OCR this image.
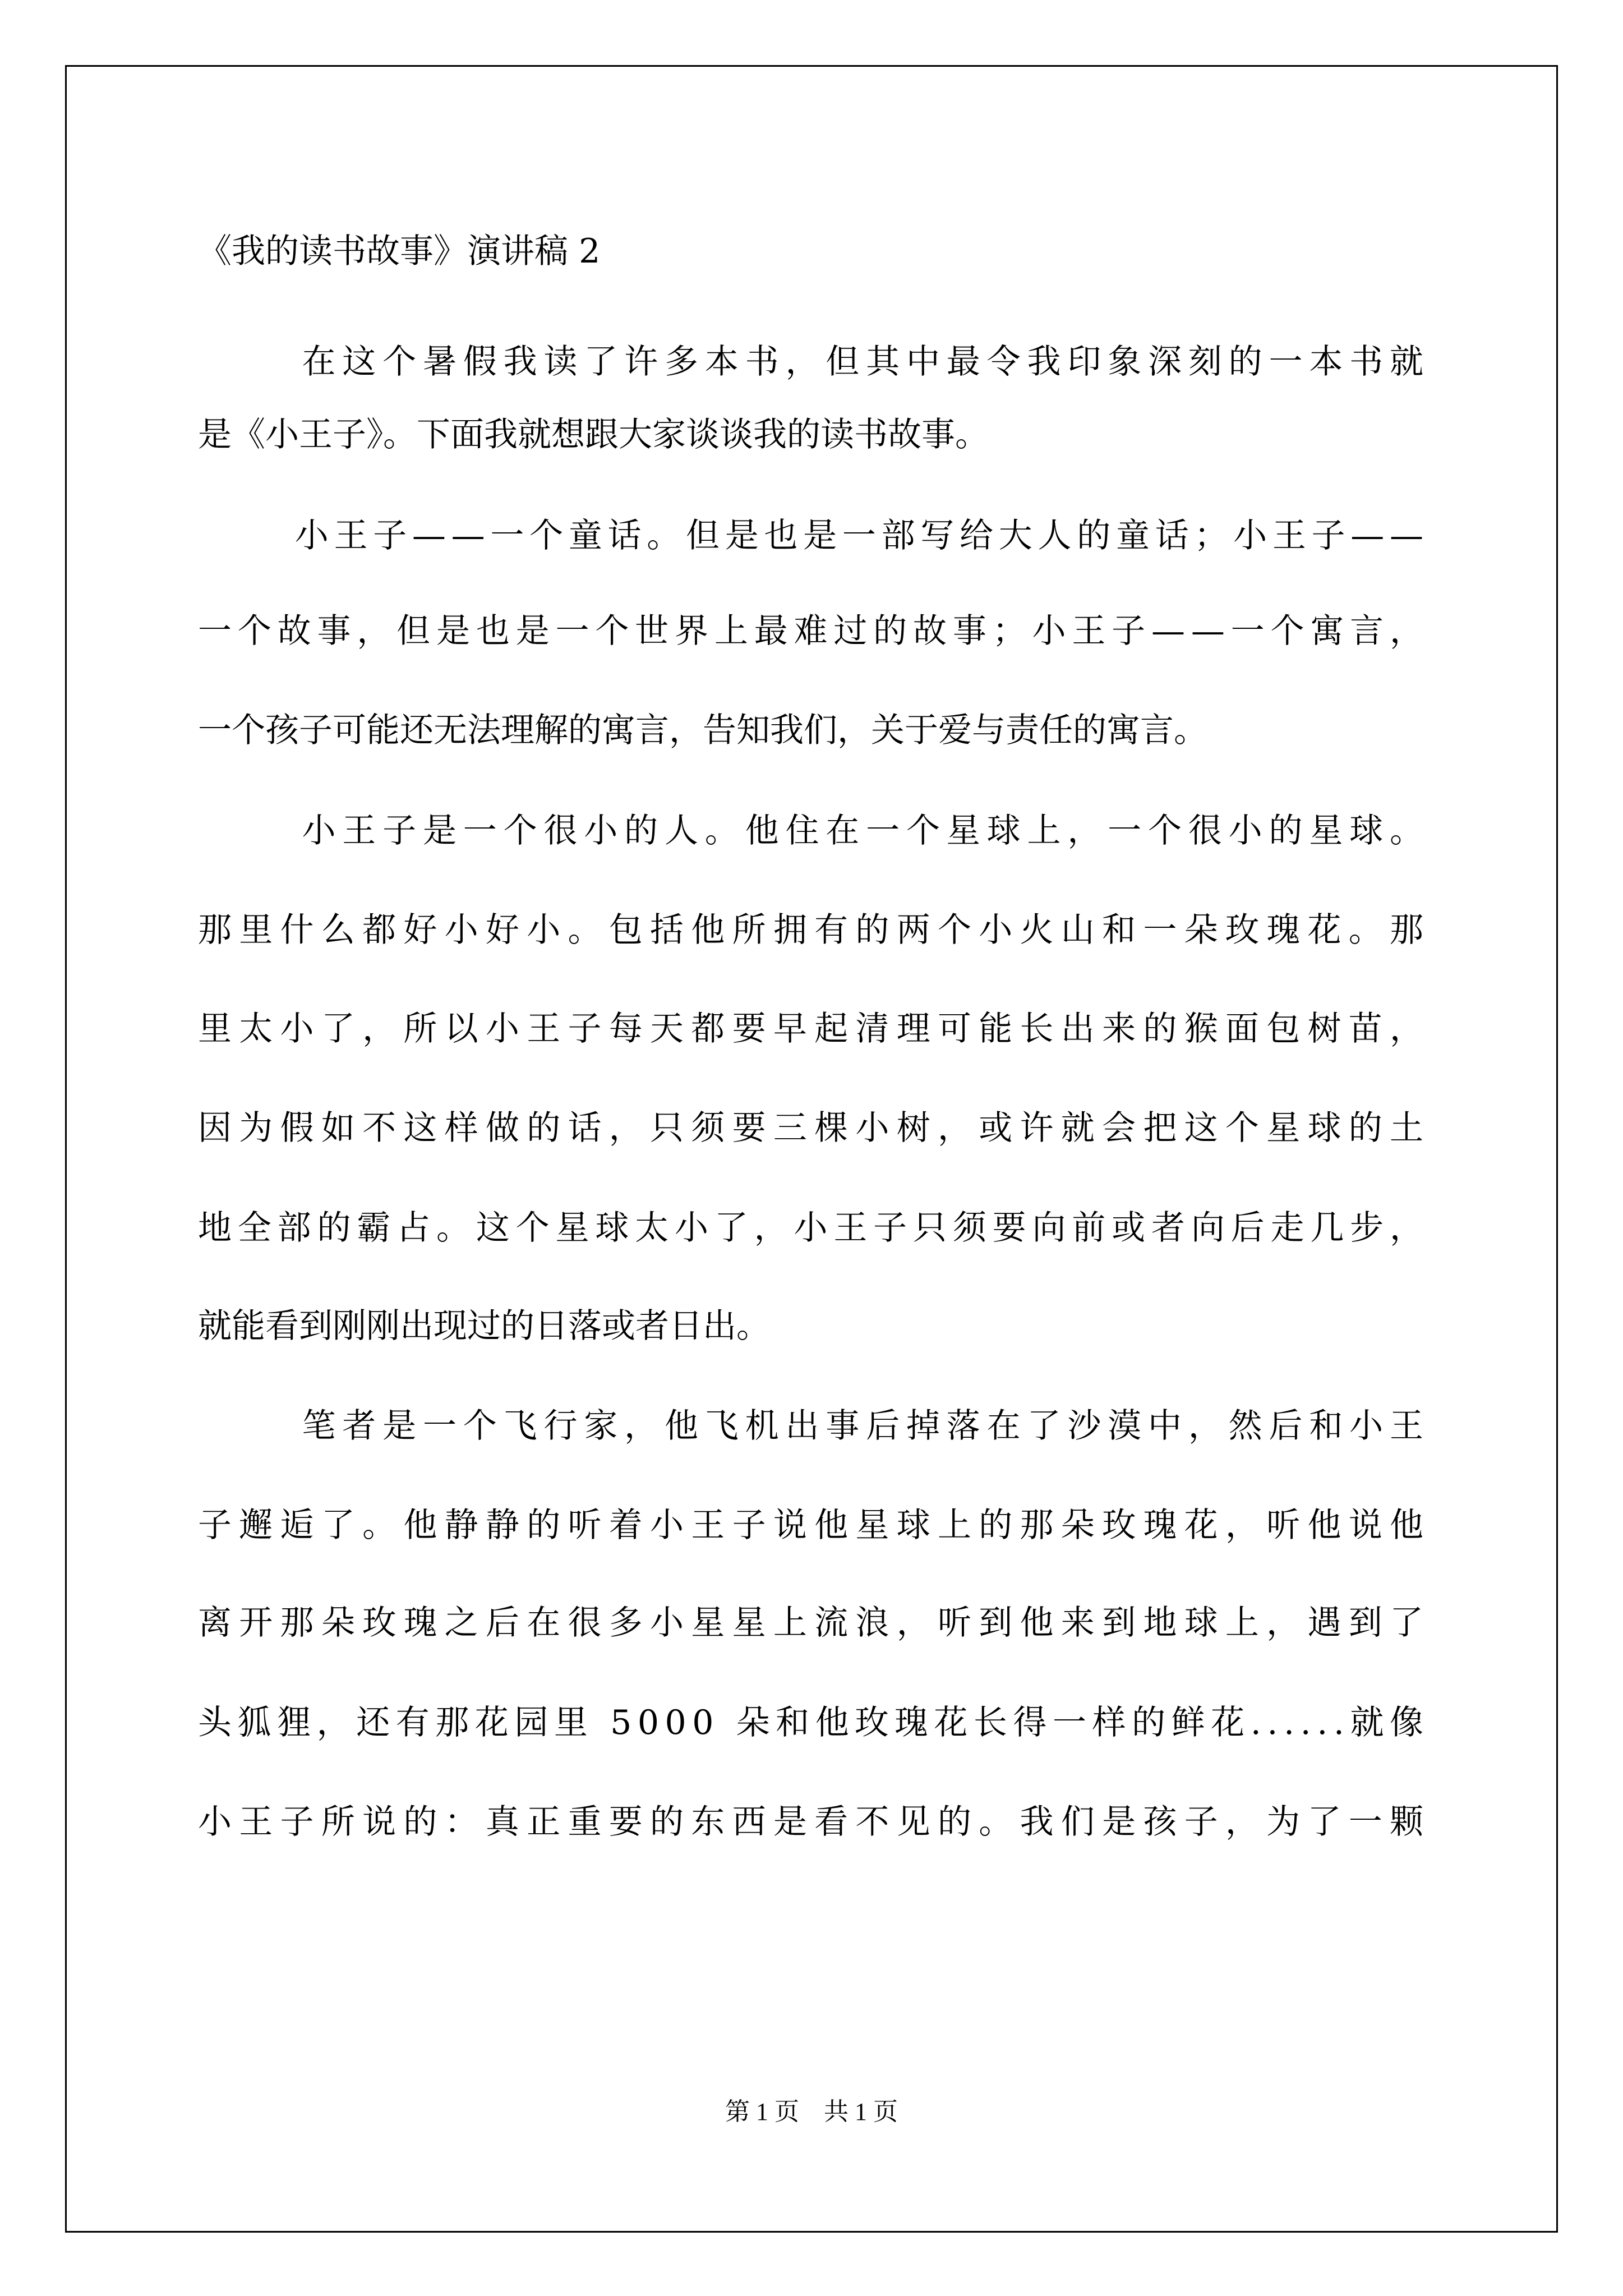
《我的读书故事》演讲稿 2
在这个暑假我读了许多本书，但其中最令我印象深刻的一本书就
是《小王子》。下面我就想跟大家谈谈我的读书故事。
小王子——一个童话。但是也是一部写给大人的童话；小王子——
一个故事，但是也是一个世界上最难过的故事；小王子——一个寓言，
一个孩子可能还无法理解的寓言，告知我们，关于爱与责任的寓言。
小王子是一个很小的人。他住在一个星球上，一个很小的星球。
那里什么都好小好小。包括他所拥有的两个小火山和一朵玫瑰花。那
里太小了，所以小王子每天都要早起清理可能长出来的猴面包树苗，
因为假如不这样做的话，只须要三棵小树，或许就会把这个星球的土
地全部的霸占。这个星球太小了，小王子只须要向前或者向后走几步，
就能看到刚刚出现过的日落或者日出。
笔者是一个飞行家，他飞机出事后掉落在了沙漠中，然后和小王
子邂逅了。他静静的听着小王子说他星球上的那朵玫瑰花，听他说他
离开那朵玫瑰之后在很多小星星上流浪，听到他来到地球上，遇到了
头狐狸，还有那花园里 5000 朵和他玫瑰花长得一样的鲜花......就像
小王子所说的：真正重要的东西是看不见的。我们是孩子，为了一颗
第 1 页　共 1 页
